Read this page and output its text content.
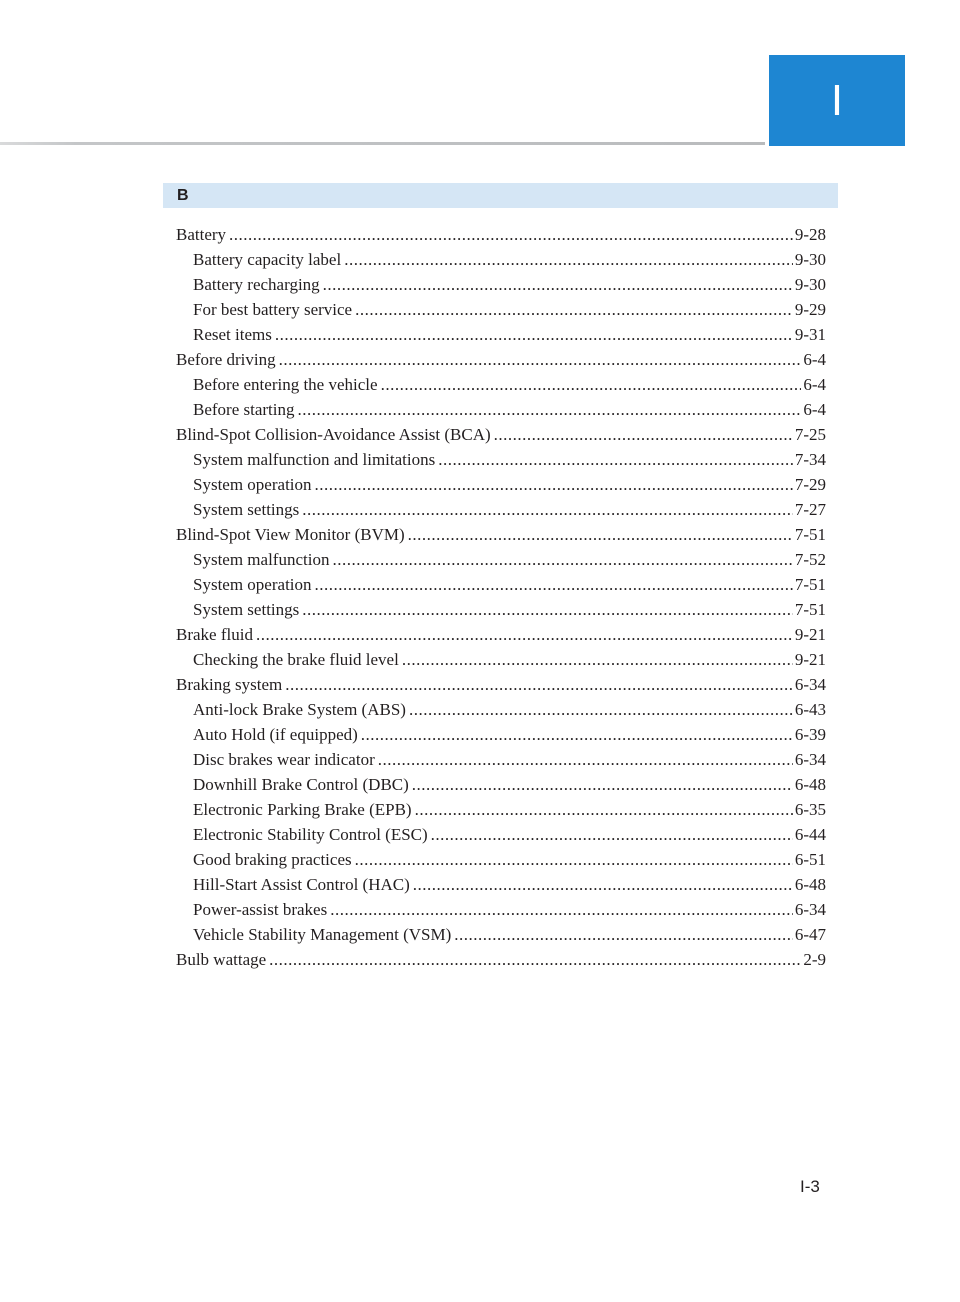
I
B
Battery .....	9-28
Battery capacity label .....	9-30
Battery recharging .....	9-30
For best battery service .....	9-29
Reset items .....	9-31
Before driving .....	6-4
Before entering the vehicle .....	6-4
Before starting .....	6-4
Blind-Spot Collision-Avoidance Assist (BCA) .....	7-25
System malfunction and limitations .....	7-34
System operation .....	7-29
System settings .....	7-27
Blind-Spot View Monitor (BVM) .....	7-51
System malfunction .....	7-52
System operation .....	7-51
System settings .....	7-51
Brake fluid .....	9-21
Checking the brake fluid level .....	9-21
Braking system .....	6-34
Anti-lock Brake System (ABS) .....	6-43
Auto Hold (if equipped) .....	6-39
Disc brakes wear indicator .....	6-34
Downhill Brake Control (DBC) .....	6-48
Electronic Parking Brake (EPB) .....	6-35
Electronic Stability Control (ESC) .....	6-44
Good braking practices .....	6-51
Hill-Start Assist Control (HAC) .....	6-48
Power-assist brakes .....	6-34
Vehicle Stability Management (VSM) .....	6-47
Bulb wattage .....	2-9
I-3
